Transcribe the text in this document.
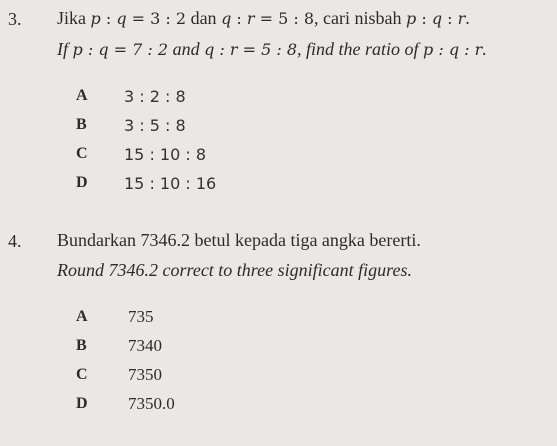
3. Jika p : q = 3 : 2 dan q : r = 5 : 8, cari nisbah p : q : r.
If p : q = 7 : 2 and q : r = 5 : 8, find the ratio of p : q : r.
A 3 : 2 : 8
B 3 : 5 : 8
C 15 : 10 : 8
D 15 : 10 : 16
4. Bundarkan 7346.2 betul kepada tiga angka bererti.
Round 7346.2 correct to three significant figures.
A 735
B 7340
C 7350
D 7350.0
